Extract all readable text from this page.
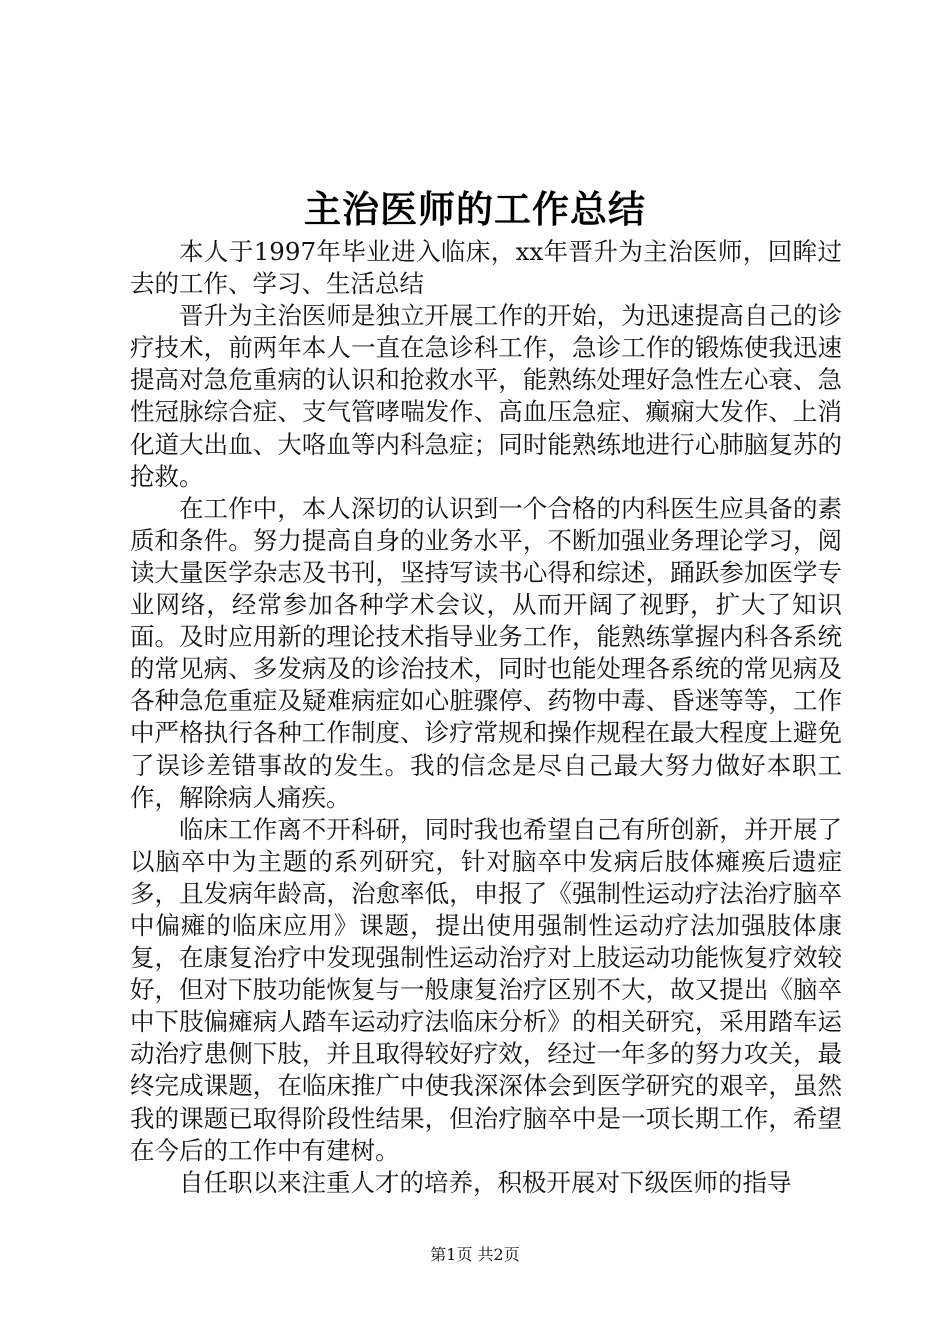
主治医师的工作总结

本人于1997年毕业进入临床，xx年晋升为主治医师，回眸过去的工作、学习、生活总结

晋升为主治医师是独立开展工作的开始，为迅速提高自己的诊疗技术，前两年本人一直在急诊科工作，急诊工作的锻炼使我迅速提高对急危重病的认识和抢救水平，能熟练处理好急性左心衰、急性冠脉综合症、支气管哮喘发作、高血压急症、癫痫大发作、上消化道大出血、大咯血等内科急症；同时能熟练地进行心肺脑复苏的抢救。

在工作中，本人深切的认识到一个合格的内科医生应具备的素质和条件。努力提高自身的业务水平，不断加强业务理论学习，阅读大量医学杂志及书刊，坚持写读书心得和综述，踊跃参加医学专业网络，经常参加各种学术会议，从而开阔了视野，扩大了知识面。及时应用新的理论技术指导业务工作，能熟练掌握内科各系统的常见病、多发病及的诊治技术，同时也能处理各系统的常见病及各种急危重症及疑难病症如心脏骤停、药物中毒、昏迷等等，工作中严格执行各种工作制度、诊疗常规和操作规程在最大程度上避免了误诊差错事故的发生。我的信念是尽自己最大努力做好本职工作，解除病人痛疾。

临床工作离不开科研，同时我也希望自己有所创新，并开展了以脑卒中为主题的系列研究，针对脑卒中发病后肢体瘫痪后遗症多，且发病年龄高，治愈率低，申报了《强制性运动疗法治疗脑卒中偏瘫的临床应用》课题，提出使用强制性运动疗法加强肢体康复，在康复治疗中发现强制性运动治疗对上肢运动功能恢复疗效较好，但对下肢功能恢复与一般康复治疗区别不大，故又提出《脑卒中下肢偏瘫病人踏车运动疗法临床分析》的相关研究，采用踏车运动治疗患侧下肢，并且取得较好疗效，经过一年多的努力攻关，最终完成课题，在临床推广中使我深深体会到医学研究的艰辛，虽然我的课题已取得阶段性结果，但治疗脑卒中是一项长期工作，希望在今后的工作中有建树。

自任职以来注重人才的培养，积极开展对下级医师的指导

第1页 共2页
